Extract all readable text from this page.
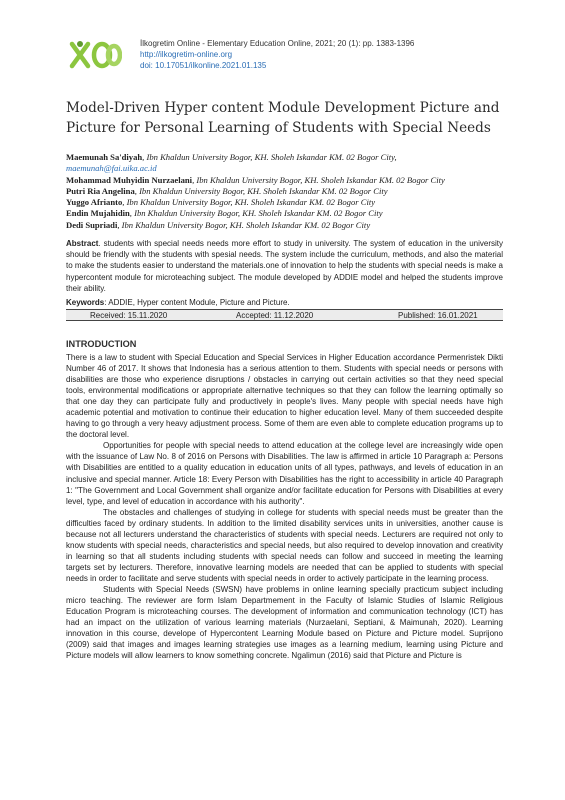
İlkogretim Online - Elementary Education Online, 2021; 20 (1): pp. 1383-1396
http://ilkogretim-online.org
doi: 10.17051/ilkonline.2021.01.135
Model-Driven Hyper content Module Development Picture and Picture for Personal Learning of Students with Special Needs
Maemunah Sa'diyah, Ibn Khaldun University Bogor, KH. Sholeh Iskandar KM. 02 Bogor City,
maemunah@fai.uika.ac.id
Mohammad Muhyidin Nurzaelani, Ibn Khaldun University Bogor, KH. Sholeh Iskandar KM. 02 Bogor City
Putri Ria Angelina, Ibn Khaldun University Bogor, KH. Sholeh Iskandar KM. 02 Bogor City
Yuggo Afrianto, Ibn Khaldun University Bogor, KH. Sholeh Iskandar KM. 02 Bogor City
Endin Mujahidin, Ibn Khaldun University Bogor, KH. Sholeh Iskandar KM. 02 Bogor City
Dedi Supriadi, Ibn Khaldun University Bogor, KH. Sholeh Iskandar KM. 02 Bogor City
Abstract. students with special needs needs more effort to study in university. The system of education in the university should be friendly with the students with spesial needs. The system include the curriculum, methods, and also the material to make the students easier to understand the materials.one of innovation to help the students with special needs is make a hypercontent module for microteaching subject. The module developed by ADDIE model and helped the students improve their ability.
Keywords: ADDIE, Hyper content Module, Picture and Picture.
Received: 15.11.2020	Accepted: 11.12.2020	Published: 16.01.2021
INTRODUCTION

There is a law to student with Special Education and Special Services in Higher Education accordance Permenristek Dikti Number 46 of 2017. It shows that Indonesia has a serious attention to them. Students with special needs or persons with disabilities are those who experience disruptions / obstacles in carrying out certain activities so that they need special tools, environmental modifications or appropriate alternative techniques so that they can follow the learning optimally so that one day they can participate fully and productively in people's lives. Many people with special needs have high academic potential and motivation to continue their education to higher education level. Many of them succeeded despite having to go through a very heavy adjustment process. Some of them are even able to complete education programs up to the doctoral level.

Opportunities for people with special needs to attend education at the college level are increasingly wide open with the issuance of Law No. 8 of 2016 on Persons with Disabilities. The law is affirmed in article 10 Paragraph a: Persons with Disabilities are entitled to a quality education in education units of all types, pathways, and levels of education in an inclusive and special manner. Article 18: Every Person with Disabilities has the right to accessibility in article 40 Paragraph 1: "The Government and Local Government shall organize and/or facilitate education for Persons with Disabilities at every level, type, and level of education in accordance with his authority".

The obstacles and challenges of studying in college for students with special needs must be greater than the difficulties faced by ordinary students. In addition to the limited disability services units in universities, another cause is because not all lecturers understand the characteristics of students with special needs. Lecturers are required not only to know students with special needs, characteristics and special needs, but also required to develop innovation and creativity in learning so that all students including students with special needs can follow and succeed in meeting the learning targets set by lecturers. Therefore, innovative learning models are needed that can be applied to students with special needs in order to facilitate and serve students with special needs in order to actively participate in the learning process.

Students with Special Needs (SWSN) have problems in online learning specially practicum subject including micro teaching. The reviewer are form Islam Departmement in the Faculty of Islamic Studies of Islamic Religious Education Program is microteaching courses. The development of information and communication technology (ICT) has had an impact on the utilization of various learning materials (Nurzaelani, Septiani, & Maimunah, 2020). Learning innovation in this course, develope of Hypercontent Learning Module based on Picture and Picture model. Suprijono (2009) said that images and images learning strategies use images as a learning medium, learning using Picture and Picture models will allow learners to know something concrete. Ngalimun (2016) said that Picture and Picture is
